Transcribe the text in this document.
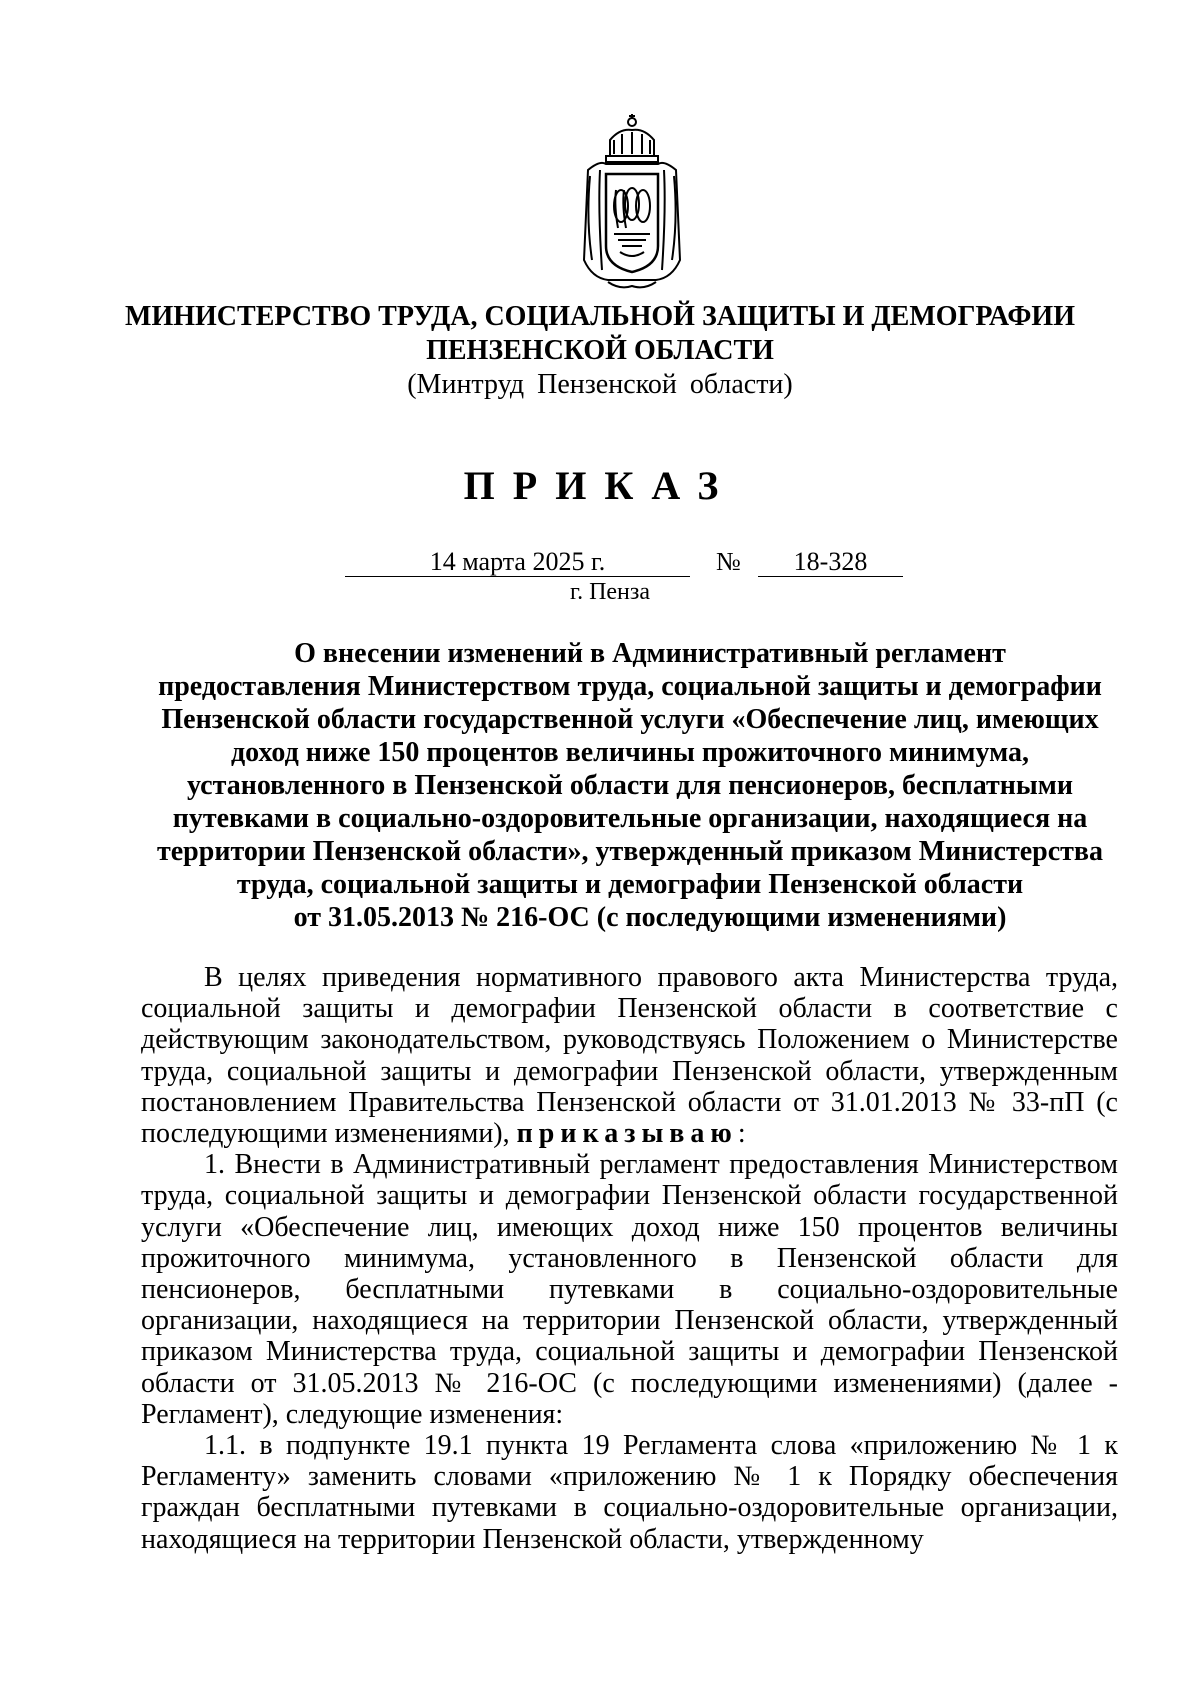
МИНИСТЕРСТВО ТРУДА, СОЦИАЛЬНОЙ ЗАЩИТЫ И ДЕМОГРАФИИ
ПЕНЗЕНСКОЙ ОБЛАСТИ
(Минтруд Пензенской области)
ПРИКАЗ
14 марта 2025 г.	№	18-328
г. Пенза
О внесении изменений в Административный регламент
предоставления Министерством труда, социальной защиты и демографии
Пензенской области государственной услуги «Обеспечение лиц, имеющих
доход ниже 150 процентов величины прожиточного минимума,
установленного в Пензенской области для пенсионеров, бесплатными
путевками в социально-оздоровительные организации, находящиеся на
территории Пензенской области», утвержденный приказом Министерства
труда, социальной защиты и демографии Пензенской области
от 31.05.2013 № 216-ОС (с последующими изменениями)

В целях приведения нормативного правового акта Министерства труда, социальной защиты и демографии Пензенской области в соответствие с действующим законодательством, руководствуясь Положением о Министерстве труда, социальной защиты и демографии Пензенской области, утвержденным постановлением Правительства Пензенской области от 31.01.2013 № 33-пП (с последующими изменениями), приказываю:

1. Внести в Административный регламент предоставления Министерством труда, социальной защиты и демографии Пензенской области государственной услуги «Обеспечение лиц, имеющих доход ниже 150 процентов величины прожиточного минимума, установленного в Пензенской области для пенсионеров, бесплатными путевками в социально-оздоровительные организации, находящиеся на территории Пензенской области, утвержденный приказом Министерства труда, социальной защиты и демографии Пензенской области от 31.05.2013 № 216-ОС (с последующими изменениями) (далее - Регламент), следующие изменения:

1.1. в подпункте 19.1 пункта 19 Регламента слова «приложению № 1 к Регламенту» заменить словами «приложению № 1 к Порядку обеспечения граждан бесплатными путевками в социально-оздоровительные организации, находящиеся на территории Пензенской области, утвержденному
